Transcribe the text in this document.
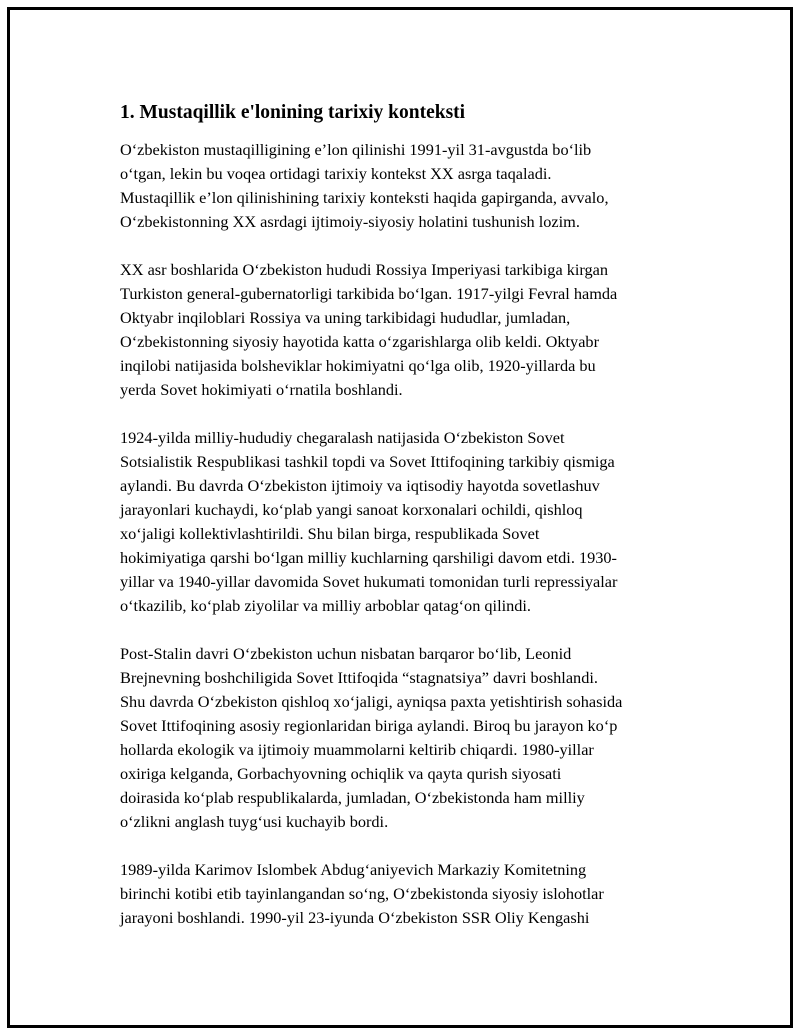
1. Mustaqillik e'lonining tarixiy konteksti

O‘zbekiston mustaqilligining e’lon qilinishi 1991-yil 31-avgustda bo‘lib
o‘tgan, lekin bu voqea ortidagi tarixiy kontekst XX asrga taqaladi.
Mustaqillik e’lon qilinishining tarixiy konteksti haqida gapirganda, avvalo,
O‘zbekistonning XX asrdagi ijtimoiy-siyosiy holatini tushunish lozim.

XX asr boshlarida O‘zbekiston hududi Rossiya Imperiyasi tarkibiga kirgan
Turkiston general-gubernatorligi tarkibida bo‘lgan. 1917-yilgi Fevral hamda
Oktyabr inqiloblari Rossiya va uning tarkibidagi hududlar, jumladan,
O‘zbekistonning siyosiy hayotida katta o‘zgarishlarga olib keldi. Oktyabr
inqilobi natijasida bolsheviklar hokimiyatni qo‘lga olib, 1920-yillarda bu
yerda Sovet hokimiyati o‘rnatila boshlandi.

1924-yilda milliy-hududiy chegaralash natijasida O‘zbekiston Sovet
Sotsialistik Respublikasi tashkil topdi va Sovet Ittifoqining tarkibiy qismiga
aylandi. Bu davrda O‘zbekiston ijtimoiy va iqtisodiy hayotda sovetlashuv
jarayonlari kuchaydi, ko‘plab yangi sanoat korxonalari ochildi, qishloq
xo‘jaligi kollektivlashtirildi. Shu bilan birga, respublikada Sovet
hokimiyatiga qarshi bo‘lgan milliy kuchlarning qarshiligi davom etdi. 1930-
yillar va 1940-yillar davomida Sovet hukumati tomonidan turli repressiyalar
o‘tkazilib, ko‘plab ziyolilar va milliy arboblar qatag‘on qilindi.

Post-Stalin davri O‘zbekiston uchun nisbatan barqaror bo‘lib, Leonid
Brejnevning boshchiligida Sovet Ittifoqida “stagnatsiya” davri boshlandi.
Shu davrda O‘zbekiston qishloq xo‘jaligi, ayniqsa paxta yetishtirish sohasida
Sovet Ittifoqining asosiy regionlaridan biriga aylandi. Biroq bu jarayon ko‘p
hollarda ekologik va ijtimoiy muammolarni keltirib chiqardi. 1980-yillar
oxiriga kelganda, Gorbachyovning ochiqlik va qayta qurish siyosati
doirasida ko‘plab respublikalarda, jumladan, O‘zbekistonda ham milliy
o‘zlikni anglash tuyg‘usi kuchayib bordi.

1989-yilda Karimov Islombek Abdug‘aniyevich Markaziy Komitetning
birinchi kotibi etib tayinlangandan so‘ng, O‘zbekistonda siyosiy islohotlar
jarayoni boshlandi. 1990-yil 23-iyunda O‘zbekiston SSR Oliy Kengashi
